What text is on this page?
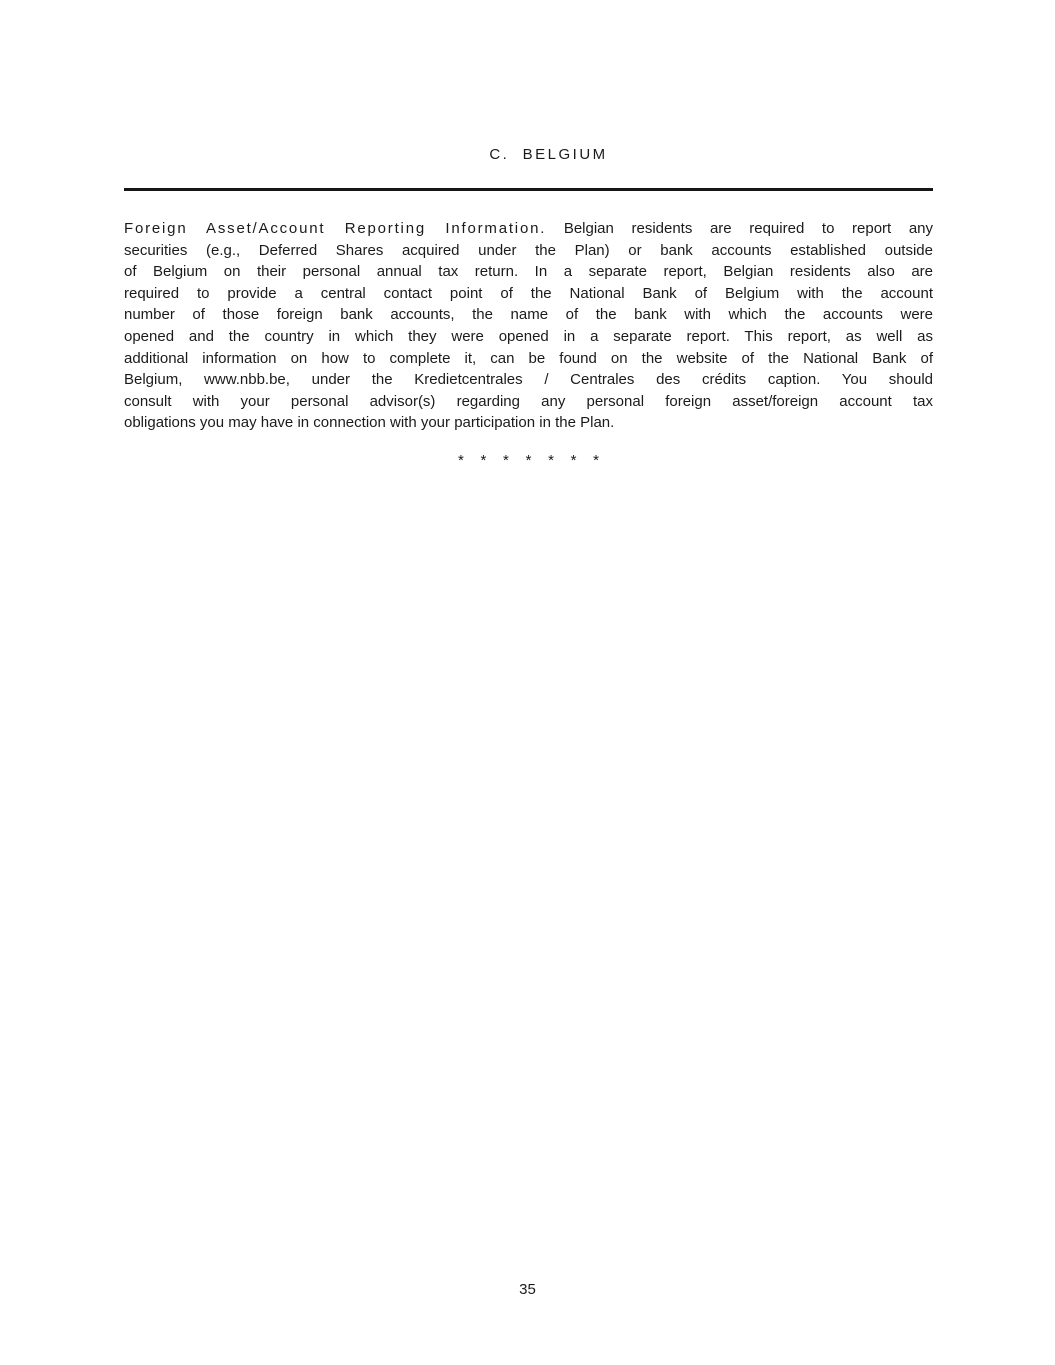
C.  BELGIUM

Foreign Asset/Account Reporting Information. Belgian residents are required to report any
securities (e.g., Deferred Shares acquired under the Plan) or bank accounts established outside
of Belgium on their personal annual tax return. In a separate report, Belgian residents also are
required to provide a central contact point of the National Bank of Belgium with the account
number of those foreign bank accounts, the name of the bank with which the accounts were
opened and the country in which they were opened in a separate report. This report, as well as
additional information on how to complete it, can be found on the website of the National Bank of
Belgium, www.nbb.be, under the Kredietcentrales / Centrales des crédits caption. You should
consult with your personal advisor(s) regarding any personal foreign asset/foreign account tax
obligations you may have in connection with your participation in the Plan.
*    *    *    *    *    *    *
35
